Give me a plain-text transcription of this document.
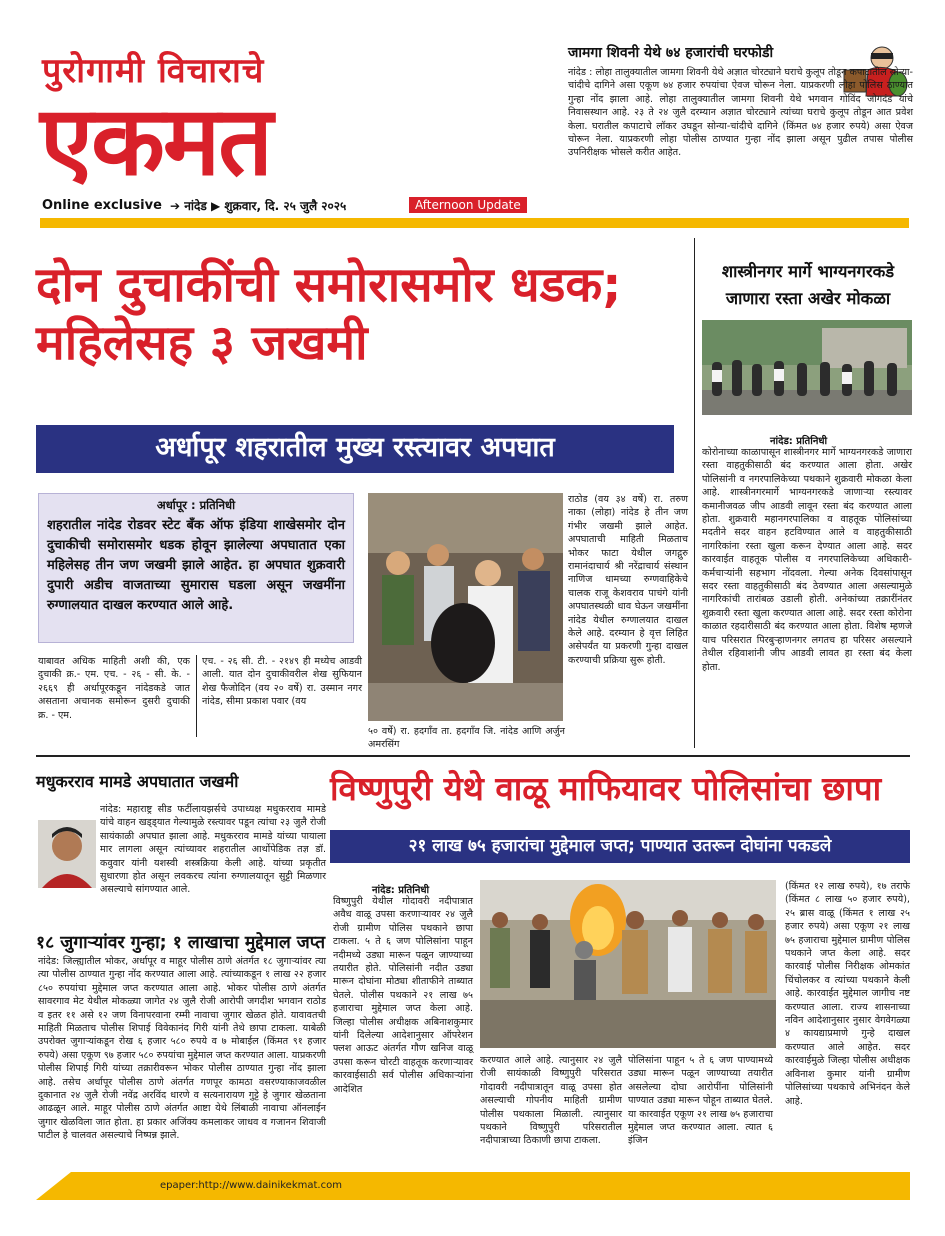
पुरोगामी विचाराचे
एकमत
Online exclusive ➔ नांदेड ▶ शुक्रवार, दि. २५ जुलै २०२५	Afternoon Update
जामगा शिवनी येथे ७४ हजारांची घरफोडी
नांदेड : लोहा तालुक्यातील जामगा शिवनी येथे अज्ञात चोरट्याने घराचे कुलूप तोडून कपाटातील सोन्या-चांदीचे दागिने असा एकूण ७४ हजार रुपयांचा ऐवज चोरून नेला. याप्रकरणी लोहा पोलिस ठाण्यात गुन्हा नोंद झाला आहे. लोहा तालुक्यातील जामगा शिवनी येथे भगवान गोविंद जोगदंड यांचे निवासस्थान आहे. २३ ते २४ जुलै दरम्यान अज्ञात चोरट्याने त्यांच्या घराचे कुलूप तोडून आत प्रवेश केला. घरातील कपाटाचे लॉकर उघडून सोन्या-चांदीचे दागिने (किंमत ७४ हजार रुपये) असा ऐवज चोरून नेला. याप्रकरणी लोहा पोलीस ठाण्यात गुन्हा नोंद झाला असून पुढील तपास पोलीस उपनिरीक्षक भोसले करीत आहेत.
दोन दुचाकींची समोरासमोर धडक; महिलेसह ३ जखमी
अर्धापूर शहरातील मुख्य रस्त्यावर अपघात
अर्धापूर : प्रतिनिधी
शहरातील नांदेड रोडवर स्टेट बँक ऑफ इंडिया शाखेसमोर दोन दुचाकीची समोरासमोर धडक होवून झालेल्या अपघातात एका महिलेसह तीन जण जखमी झाले आहेत. हा अपघात शुक्रवारी दुपारी अडीच वाजताच्या सुमारास घडला असून जखमींना रुग्णालयात दाखल करण्यात आले आहे.
याबावत अधिक माहिती अशी की, एक दुचाकी क्र.- एम. एच. - २६ - सी. के. - २६६९ ही अर्धापूरकडून नांदेडकडे जात असताना अचानक समोरून दुसरी दुचाकी क्र. - एम.
एच. - २६ सी. टी. - २१४९ ही मध्येच आडवी आली. यात दोन दुचाकीवरील शेख सुफियान शेख फैजोदिन (वय २० वर्षे) रा. उस्मान नगर नांदेड, सीमा प्रकाश पवार (वय
५० वर्षे) रा. हदगाँव ता. हदगाँव जि. नांदेड आणि अर्जुन अमरसिंग
राठोड (वय ३४ वर्षे) रा. तरुण नाका (लोहा) नांदेड हे तीन जण गंभीर जखमी झाले आहेत. अपघाताची माहिती मिळताच भोकर फाटा येथील जगद्गुरु रामानंदाचार्य श्री नरेंद्राचार्य संस्थान नाणिज धामच्या रुग्णवाहिकेचे चालक राजू केशवराव पाचंगे यांनी अपघातस्थळी धाव घेऊन जखमींना नांदेड येथील रुग्णालयात दाखल केले आहे. दरम्यान हे वृत्त लिहित असेपर्यंत या प्रकरणी गुन्हा दाखल करण्याची प्रक्रिया सुरू होती.
शास्त्रीनगर मार्गे भाग्यनगरकडे जाणारा रस्ता अखेर मोकळा
नांदेड: प्रतिनिधी
कोरोनाच्या काळापासून शास्त्रीनगर मार्गे भाग्यनगरकडे जाणारा रस्ता वाहतुकीसाठी बंद करण्यात आला होता. अखेर पोलिसांनी व नगरपालिकेच्या पथकाने शुक्रवारी मोकळा केला आहे. शास्त्रीनगरमार्गे भाग्यनगरकडे जाणाऱ्या रस्त्यावर कमानीजवळ जीप आडवी लावून रस्ता बंद करण्यात आला होता. शुक्रवारी महानगरपालिका व वाहतूक पोलिसांच्या मदतीने सदर वाहन हटविण्यात आले व वाहतुकीसाठी नागरिकांना रस्ता खुला करून देण्यात आला आहे. सदर कारवाईत वाहतूक पोलीस व नगरपालिकेच्या अधिकारी-कर्मचाऱ्यांनी सहभाग नोंदवला. गेल्या अनेक दिवसांपासून सदर रस्ता वाहतुकीसाठी बंद ठेवण्यात आला असल्यामुळे नागरिकांची तारांबळ उडाली होती. अनेकांच्या तक्रारींनंतर शुक्रवारी रस्ता खुला करण्यात आला आहे. सदर रस्ता कोरोना काळात रहदारीसाठी बंद करण्यात आला होता. विशेष म्हणजे याच परिसरात पिरबुऱ्हाणनगर लगतच हा परिसर असल्याने तेथील रहिवाशांनी जीप आडवी लावत हा रस्ता बंद केला होता.
मधुकरराव मामडे अपघातात जखमी
नांदेड: महाराष्ट्र सीड फर्टीलायझर्सचे उपाध्यक्ष मधुकरराव मामडे यांचे वाहन खड्ड्यात गेल्यामुळे रस्त्यावर पडून त्यांचा २३ जुलै रोजी सायंकाळी अपघात झाला आहे. मधुकरराव मामडे यांच्या पायाला मार लागला असून त्यांच्यावर शहरातील आर्थोपेडिक तज्ञ डॉ. कवुवार यांनी यशस्वी शस्त्रक्रिया केली आहे. यांच्या प्रकृतीत सुधारणा होत असून लवकरच त्यांना रुग्णालयातून सुट्टी मिळणार असल्याचे सांगण्यात आले.
१८ जुगाऱ्यांवर गुन्हा; १ लाखाचा मुद्देमाल जप्त
नांदेड: जिल्ह्यातील भोकर, अर्धापूर व माहूर पोलीस ठाणे अंतर्गत १८ जुगाऱ्यांवर त्या त्या पोलीस ठाण्यात गुन्हा नोंद करण्यात आला आहे. त्यांच्याकडून १ लाख २२ हजार ८५० रुपयांचा मुद्देमाल जप्त करण्यात आला आहे. भोकर पोलीस ठाणे अंतर्गत सावरगाव मेट येथील मोकळ्या जागेत २४ जुलै रोजी आरोपी जगदीश भगवान राठोड व इतर ११ असे १२ जण विनापरवाना रम्मी नावाचा जुगार खेळत होते. यावावतची माहिती मिळताच पोलीस शिपाई विवेकानंद गिरी यांनी तेथे छापा टाकला. याबेळी उपरोक्त जुगाऱ्यांकडून रोख ६ हजार ५८० रुपये व ७ मोबाईल (किंमत ९१ हजार रुपये) असा एकूण ९७ हजार ५८० रुपयांचा मुद्देमाल जप्त करण्यात आला. याप्रकरणी पोलीस शिपाई गिरी यांच्या तक्रारीवरून भोकर पोलीस ठाण्यात गुन्हा नोंद झाला आहे. तसेच अर्धापूर पोलीस ठाणे अंतर्गत गणपूर कामठा वसरण्याकाजवळील दुकानात २४ जुलै रोजी नवेंद्र अरविंद धारणे व सत्यनारायण गुट्टे हे जुगार खेळताना आढळून आले. माहूर पोलीस ठाणे अंतर्गत आष्टा येथे लिंबाळी नावाचा ऑनलाईन जुगार खेळविला जात होता. हा प्रकार अजिंक्य कमलाकर जाधव व गजानन शिवाजी पाटील हे चालवत असल्याचे निष्पन्न झाले.
विष्णुपुरी येथे वाळू माफियावर पोलिसांचा छापा
२१ लाख ७५ हजारांचा मुद्देमाल जप्त; पाण्यात उतरून दोघांना पकडले
नांदेड: प्रतिनिधी
विष्णुपुरी येथील गोदावरी नदीपात्रात अवैध वाळू उपसा करणाऱ्यावर २४ जुलै रोजी ग्रामीण पोलिस पथकाने छापा टाकला. ५ ते ६ जण पोलिसांना पाहून नदीमध्ये उड्या मारून पळून जाण्याच्या तयारीत होते. पोलिसांनी नदीत उड्या मारून दोघांना मोठ्या शीताफीने ताब्यात घेतले. पोलीस पथकाने २१ लाख ७५ हजाराचा मुद्देमाल जप्त केला आहे. जिल्हा पोलीस अधीक्षक अबिनाशकुमार यांनी दिलेल्या आदेशानुसार ऑपरेशन फ्लश आऊट अंतर्गत गौण खनिज वाळू उपसा करून चोरटी वाहतूक करणाऱ्यावर कारवाईसाठी सर्व पोलीस अधिकाऱ्यांना आदेशित
करण्यात आले आहे. त्यानुसार २४ जुलै रोजी सायंकाळी विष्णुपुरी परिसरात गोदावरी नदीपात्रातून वाळू उपसा होत असल्याची गोपनीय माहिती ग्रामीण पोलीस पथकाला मिळाली. त्यानुसार पथकाने विष्णुपुरी परिसरातील नदीपात्राच्या ठिकाणी छापा टाकला.
पोलिसांना पाहून ५ ते ६ जण पाण्यामध्ये उड्या मारून पळून जाण्याच्या तयारीत असलेल्या दोघा आरोपींना पोलिसांनी पाण्यात उड्या मारून पोहून ताब्यात घेतले. या कारवाईत एकूण २१ लाख ७५ हजाराचा मुद्देमाल जप्त करण्यात आला. त्यात ६ इंजिन
(किंमत १२ लाख रुपये), १७ तराफे (किंमत ८ लाख ५० हजार रुपये), २५ ब्रास वाळू (किंमत १ लाख २५ हजार रुपये) असा एकूण २१ लाख ७५ हजाराचा मुद्देमाल ग्रामीण पोलिस पथकाने जप्त केला आहे. सदर कारवाई पोलीस निरीक्षक ओमकांत चिंचोलकर व त्यांच्या पथकाने केली आहे. कारवाईत मुद्देमाल जागीच नष्ट करण्यात आला. राज्य शासनाच्या नविन आदेशानुसार नुसार वेगवेगळ्या ४ कायद्याप्रमाणे गुन्हे दाखल करण्यात आले आहेत. सदर कारवाईमुळे जिल्हा पोलीस अधीक्षक अविनाश कुमार यांनी ग्रामीण पोलिसांच्या पथकाचे अभिनंदन केले आहे.
epaper:http://www.dainikekmat.com
